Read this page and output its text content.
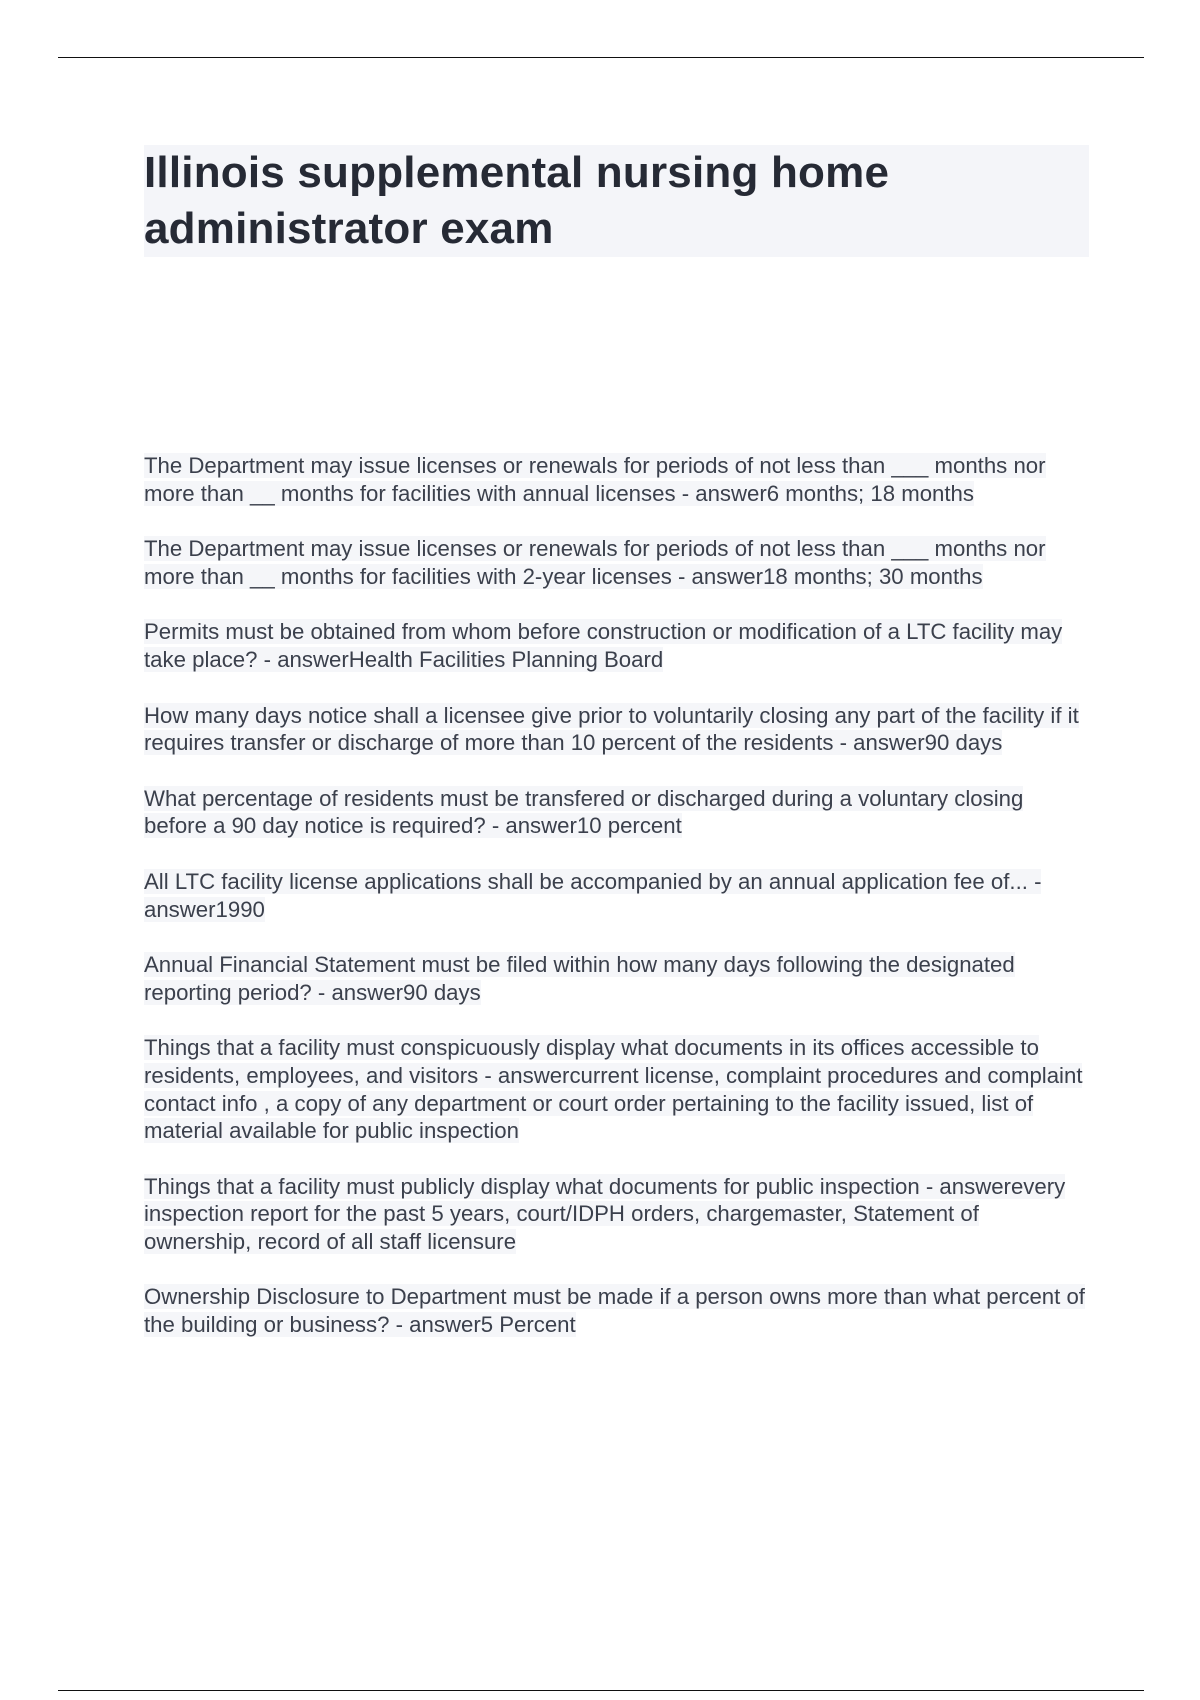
Illinois supplemental nursing home administrator exam
The Department may issue licenses or renewals for periods of not less than ___ months nor more than __ months for facilities with annual licenses - answer6 months; 18 months
The Department may issue licenses or renewals for periods of not less than ___ months nor more than __ months for facilities with 2-year licenses - answer18 months; 30 months
Permits must be obtained from whom before construction or modification of a LTC facility may take place? - answerHealth Facilities Planning Board
How many days notice shall a licensee give prior to voluntarily closing any part of the facility if it requires transfer or discharge of more than 10 percent of the residents - answer90 days
What percentage of residents must be transfered or discharged during a voluntary closing before a 90 day notice is required? - answer10 percent
All LTC facility license applications shall be accompanied by an annual application fee of... - answer1990
Annual Financial Statement must be filed within how many days following the designated reporting period? - answer90 days
Things that a facility must conspicuously display what documents in its offices accessible to residents, employees, and visitors - answercurrent license, complaint procedures and complaint contact info , a copy of any department or court order pertaining to the facility issued, list of material available for public inspection
Things that a facility must publicly display what documents for public inspection - answerevery inspection report for the past 5 years, court/IDPH orders, chargemaster, Statement of ownership, record of all staff licensure
Ownership Disclosure to Department must be made if a person owns more than what percent of the building or business? - answer5 Percent
